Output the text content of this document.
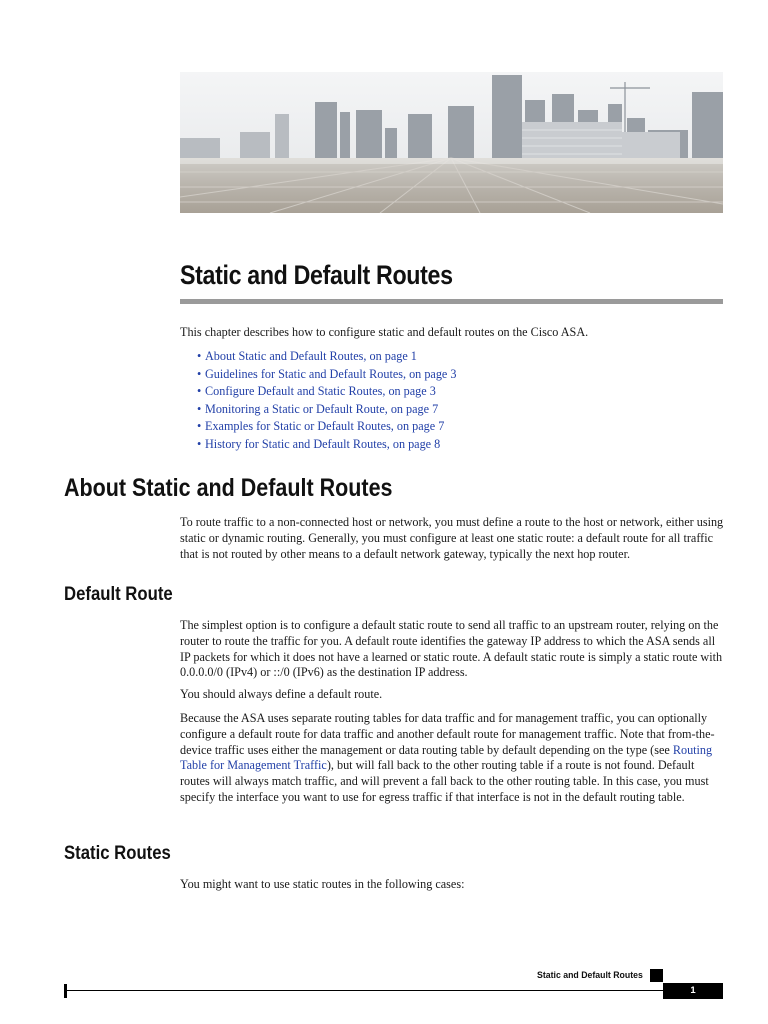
Static and Default Routes

This chapter describes how to configure static and default routes on the Cisco ASA.

• About Static and Default Routes, on page 1
• Guidelines for Static and Default Routes, on page 3
• Configure Default and Static Routes, on page 3
• Monitoring a Static or Default Route, on page 7
• Examples for Static or Default Routes, on page 7
• History for Static and Default Routes, on page 8
About Static and Default Routes

To route traffic to a non-connected host or network, you must define a route to the host or network, either using static or dynamic routing. Generally, you must configure at least one static route: a default route for all traffic that is not routed by other means to a default network gateway, typically the next hop router.

Default Route

The simplest option is to configure a default static route to send all traffic to an upstream router, relying on the router to route the traffic for you. A default route identifies the gateway IP address to which the ASA sends all IP packets for which it does not have a learned or static route. A default static route is simply a static route with 0.0.0.0/0 (IPv4) or ::/0 (IPv6) as the destination IP address.

You should always define a default route.

Because the ASA uses separate routing tables for data traffic and for management traffic, you can optionally configure a default route for data traffic and another default route for management traffic. Note that from-the-device traffic uses either the management or data routing table by default depending on the type (see Routing Table for Management Traffic), but will fall back to the other routing table if a route is not found. Default routes will always match traffic, and will prevent a fall back to the other routing table. In this case, you must specify the interface you want to use for egress traffic if that interface is not in the default routing table.

Static Routes

You might want to use static routes in the following cases:

Static and Default Routes
1
